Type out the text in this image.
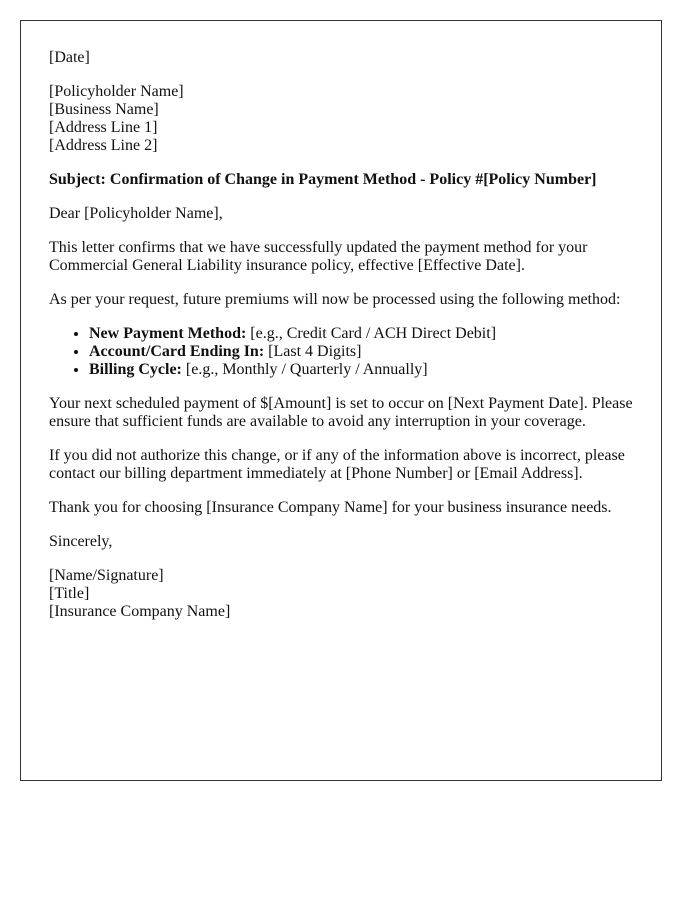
[Date]

[Policyholder Name]
[Business Name]
[Address Line 1]
[Address Line 2]

Subject: Confirmation of Change in Payment Method - Policy #[Policy Number]

Dear [Policyholder Name],

This letter confirms that we have successfully updated the payment method for your Commercial General Liability insurance policy, effective [Effective Date].

As per your request, future premiums will now be processed using the following method:

• New Payment Method: [e.g., Credit Card / ACH Direct Debit]
• Account/Card Ending In: [Last 4 Digits]
• Billing Cycle: [e.g., Monthly / Quarterly / Annually]

Your next scheduled payment of $[Amount] is set to occur on [Next Payment Date]. Please ensure that sufficient funds are available to avoid any interruption in your coverage.

If you did not authorize this change, or if any of the information above is incorrect, please contact our billing department immediately at [Phone Number] or [Email Address].

Thank you for choosing [Insurance Company Name] for your business insurance needs.

Sincerely,

[Name/Signature]
[Title]
[Insurance Company Name]
